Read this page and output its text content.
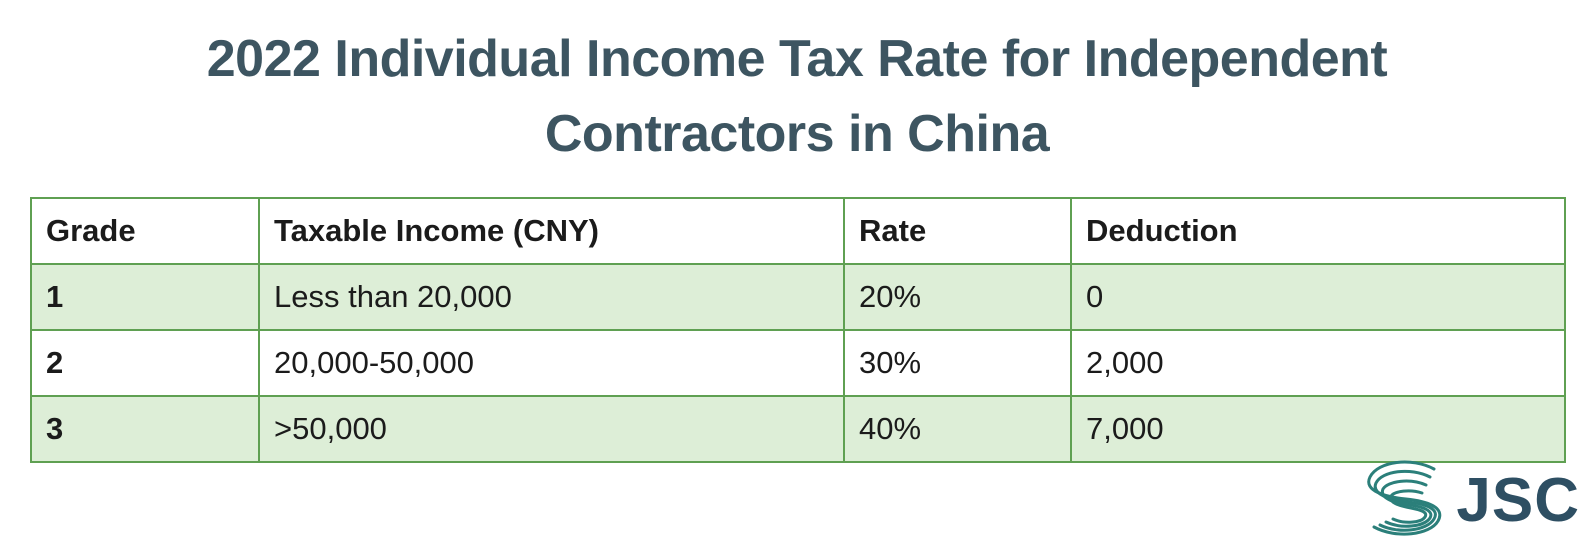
2022 Individual Income Tax Rate for Independent Contractors in China
Grade	Taxable Income (CNY)	Rate	Deduction
1	Less than 20,000	20%	0
2	20,000-50,000	30%	2,000
3	>50,000	40%	7,000
JSC
